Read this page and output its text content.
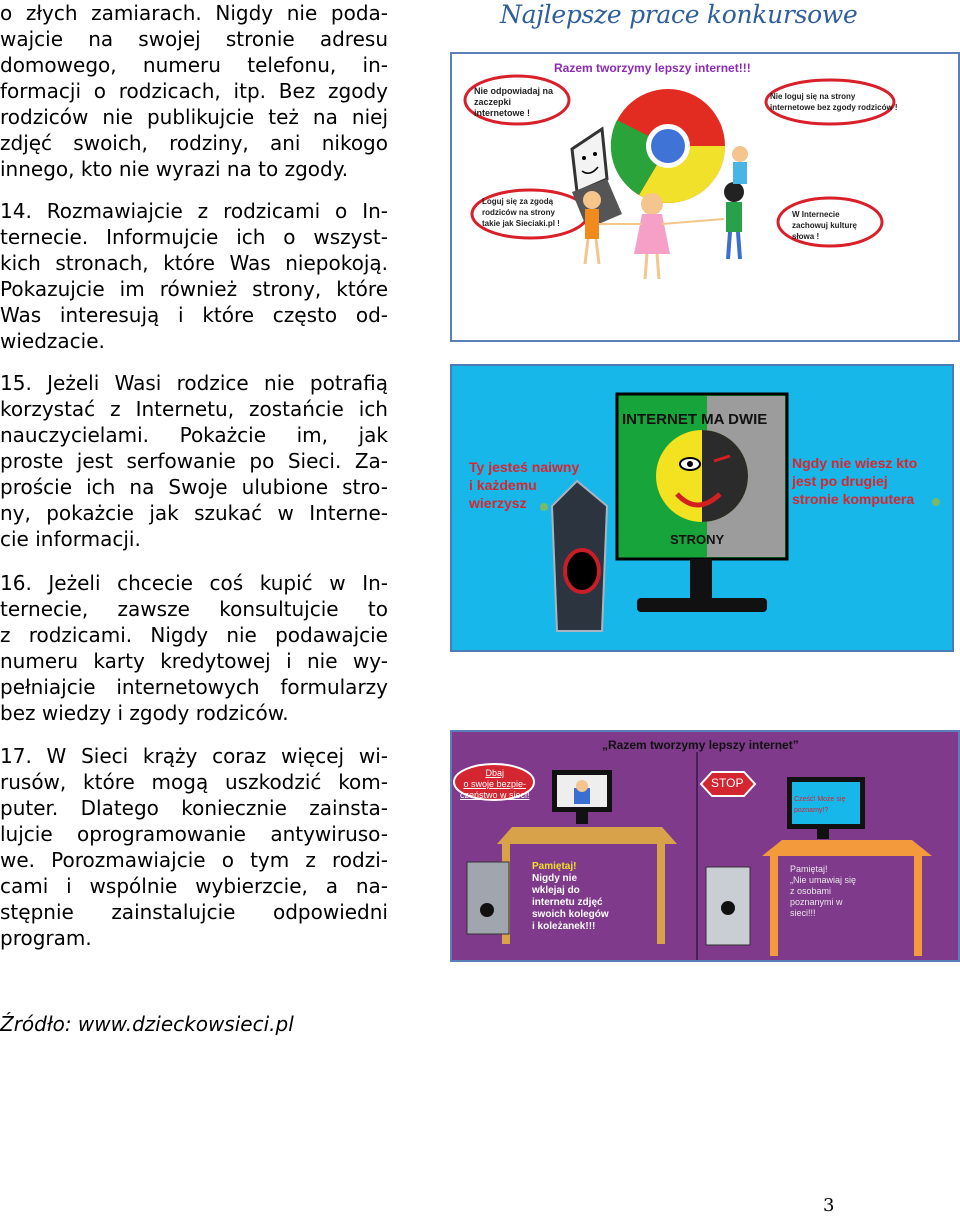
o złych zamiarach. Nigdy nie poda-
wajcie na swojej stronie adresu
domowego, numeru telefonu, in-
formacji o rodzicach, itp. Bez zgody
rodziców nie publikujcie też na niej
zdjęć swoich, rodziny, ani nikogo
innego, kto nie wyrazi na to zgody.
14. Rozmawiajcie z rodzicami o In-
ternecie. Informujcie ich o wszyst-
kich stronach, które Was niepokoją.
Pokazujcie im również strony, które
Was interesują i które często od-
wiedzacie.
15. Jeżeli Wasi rodzice nie potrafią
korzystać z Internetu, zostańcie ich
nauczycielami. Pokażcie im, jak
proste jest serfowanie po Sieci. Za-
proście ich na Swoje ulubione stro-
ny, pokażcie jak szukać w Interne-
cie informacji.
16. Jeżeli chcecie coś kupić w In-
ternecie, zawsze konsultujcie to
z rodzicami. Nigdy nie podawajcie
numeru karty kredytowej i nie wy-
pełniajcie internetowych formularzy
bez wiedzy i zgody rodziców.
17. W Sieci krąży coraz więcej wi-
rusów, które mogą uszkodzić kom-
puter. Dlatego koniecznie zainsta-
lujcie oprogramowanie antywiruso-
we. Porozmawiajcie o tym z rodzi-
cami i wspólnie wybierzcie, a na-
stępnie zainstalujcie odpowiedni
program.
Źródło: www.dzieckowsieci.pl
3
Najlepsze prace konkursowe
Razem tworzymy lepszy internet!!!
Nie odpowiadaj na
zaczepki
internetowe !
Nie loguj się na strony
internetowe bez zgody rodziców !
Loguj się za zgodą
rodziców na strony
takie jak Sieciaki.pl !
W Internecie
zachowuj kulturę
słowa !
INTERNET MA DWIE
STRONY
Ty jesteś naiwny
i każdemu
wierzysz
Ngdy nie wiesz kto
jest po drugiej
stronie komputera
„Razem tworzymy lepszy internet”
Dbaj
o swoje bezpie-
czeństwo w sieci!
STOP
Cześć! Może się
poznamy!?
Pamiętaj!
Nigdy nie
wklejaj do
internetu zdjęć
swoich kolegów
i koleżanek!!!
Pamiętaj!
„Nie umawiaj się
z osobami
poznanymi w
sieci!!!
